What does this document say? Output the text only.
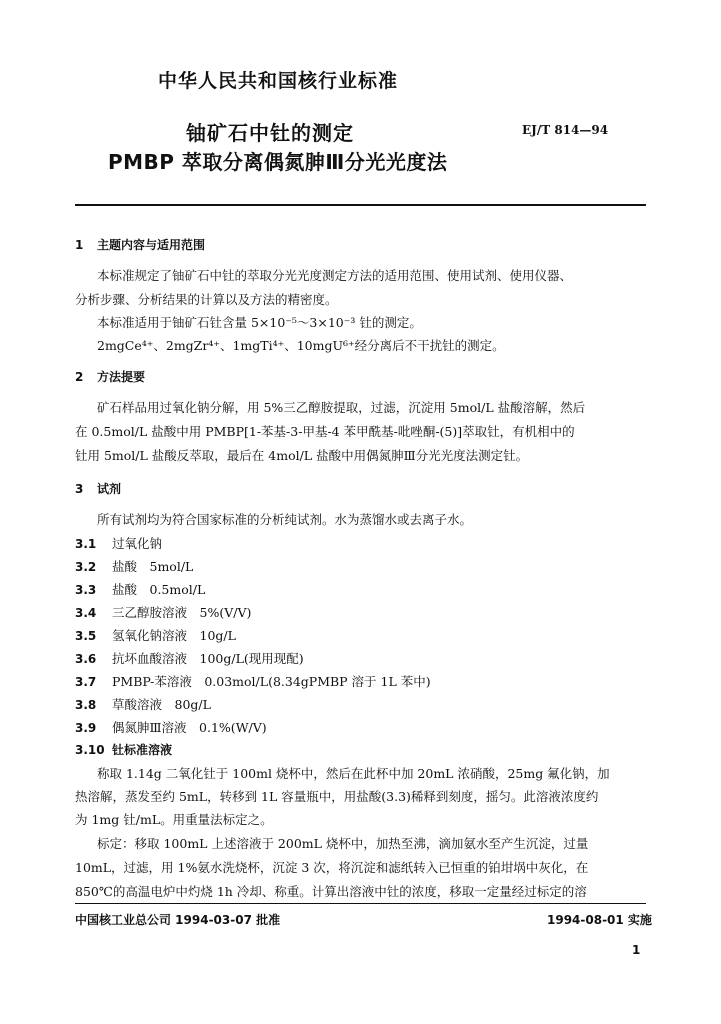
中华人民共和国核行业标准
铀矿石中钍的测定
PMBP 萃取分离偶氮胂Ⅲ分光光度法
EJ/T 814—94
1 主题内容与适用范围
本标准规定了铀矿石中钍的萃取分光光度测定方法的适用范围、使用试剂、使用仪器、
分析步骤、分析结果的计算以及方法的精密度。
本标准适用于铀矿石钍含量 5×10⁻⁵～3×10⁻³ 钍的测定。
2mgCe⁴⁺、2mgZr⁴⁺、1mgTi⁴⁺、10mgU⁶⁺经分离后不干扰钍的测定。
2 方法提要
矿石样品用过氧化钠分解，用 5%三乙醇胺提取，过滤，沉淀用 5mol/L 盐酸溶解，然后
在 0.5mol/L 盐酸中用 PMBP[1-苯基-3-甲基-4 苯甲酰基-吡唑酮-(5)]萃取钍，有机相中的
钍用 5mol/L 盐酸反萃取，最后在 4mol/L 盐酸中用偶氮胂Ⅲ分光光度法测定钍。
3 试剂
所有试剂均为符合国家标准的分析纯试剂。水为蒸馏水或去离子水。
3.1 过氧化钠
3.2 盐酸　5mol/L
3.3 盐酸　0.5mol/L
3.4 三乙醇胺溶液　5%(V/V)
3.5 氢氧化钠溶液　10g/L
3.6 抗坏血酸溶液　100g/L(现用现配)
3.7 PMBP-苯溶液　0.03mol/L(8.34gPMBP 溶于 1L 苯中)
3.8 草酸溶液　80g/L
3.9 偶氮胂Ⅲ溶液　0.1%(W/V)
3.10 钍标准溶液
称取 1.14g 二氧化钍于 100ml 烧杯中，然后在此杯中加 20mL 浓硝酸，25mg 氟化钠，加
热溶解，蒸发至约 5mL，转移到 1L 容量瓶中，用盐酸(3.3)稀释到刻度，摇匀。此溶液浓度约
为 1mg 钍/mL。用重量法标定之。
标定：移取 100mL 上述溶液于 200mL 烧杯中，加热至沸，滴加氨水至产生沉淀，过量
10mL，过滤，用 1%氨水洗烧杯，沉淀 3 次，将沉淀和滤纸转入已恒重的铂坩埚中灰化，在
850℃的高温电炉中灼烧 1h 冷却、称重。计算出溶液中钍的浓度，移取一定量经过标定的溶
中国核工业总公司 1994-03-07 批准	1994-08-01 实施
1
